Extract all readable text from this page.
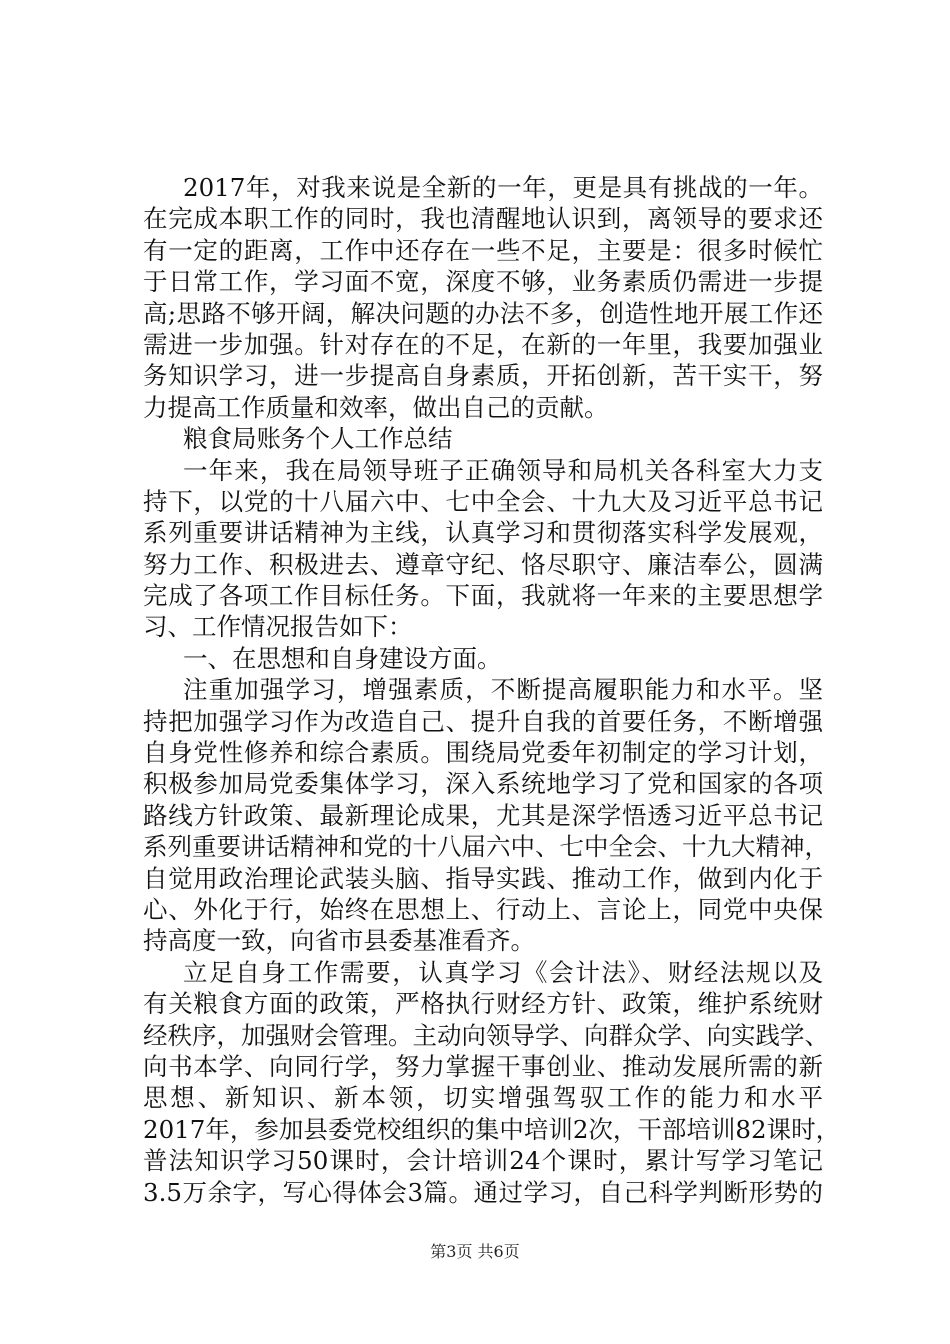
2017年，对我来说是全新的一年，更是具有挑战的一年。
在完成本职工作的同时，我也清醒地认识到，离领导的要求还
有一定的距离，工作中还存在一些不足，主要是：很多时候忙
于日常工作，学习面不宽，深度不够，业务素质仍需进一步提
高;思路不够开阔，解决问题的办法不多，创造性地开展工作还
需进一步加强。针对存在的不足，在新的一年里，我要加强业
务知识学习，进一步提高自身素质，开拓创新，苦干实干，努
力提高工作质量和效率，做出自己的贡献。
粮食局账务个人工作总结
一年来，我在局领导班子正确领导和局机关各科室大力支
持下，以党的十八届六中、七中全会、十九大及习近平总书记
系列重要讲话精神为主线，认真学习和贯彻落实科学发展观，
努力工作、积极进去、遵章守纪、恪尽职守、廉洁奉公，圆满
完成了各项工作目标任务。下面，我就将一年来的主要思想学
习、工作情况报告如下：
一、在思想和自身建设方面。
注重加强学习，增强素质，不断提高履职能力和水平。坚
持把加强学习作为改造自己、提升自我的首要任务，不断增强
自身党性修养和综合素质。围绕局党委年初制定的学习计划，
积极参加局党委集体学习，深入系统地学习了党和国家的各项
路线方针政策、最新理论成果，尤其是深学悟透习近平总书记
系列重要讲话精神和党的十八届六中、七中全会、十九大精神，
自觉用政治理论武装头脑、指导实践、推动工作，做到内化于
心、外化于行，始终在思想上、行动上、言论上，同党中央保
持高度一致，向省市县委基准看齐。
立足自身工作需要，认真学习《会计法》、财经法规以及
有关粮食方面的政策，严格执行财经方针、政策，维护系统财
经秩序，加强财会管理。主动向领导学、向群众学、向实践学、
向书本学、向同行学，努力掌握干事创业、推动发展所需的新
思想、新知识、新本领，切实增强驾驭工作的能力和水平
2017年，参加县委党校组织的集中培训2次，干部培训82课时，
普法知识学习50课时，会计培训24个课时，累计写学习笔记
3.5万余字，写心得体会3篇。通过学习，自己科学判断形势的
第3页 共6页
